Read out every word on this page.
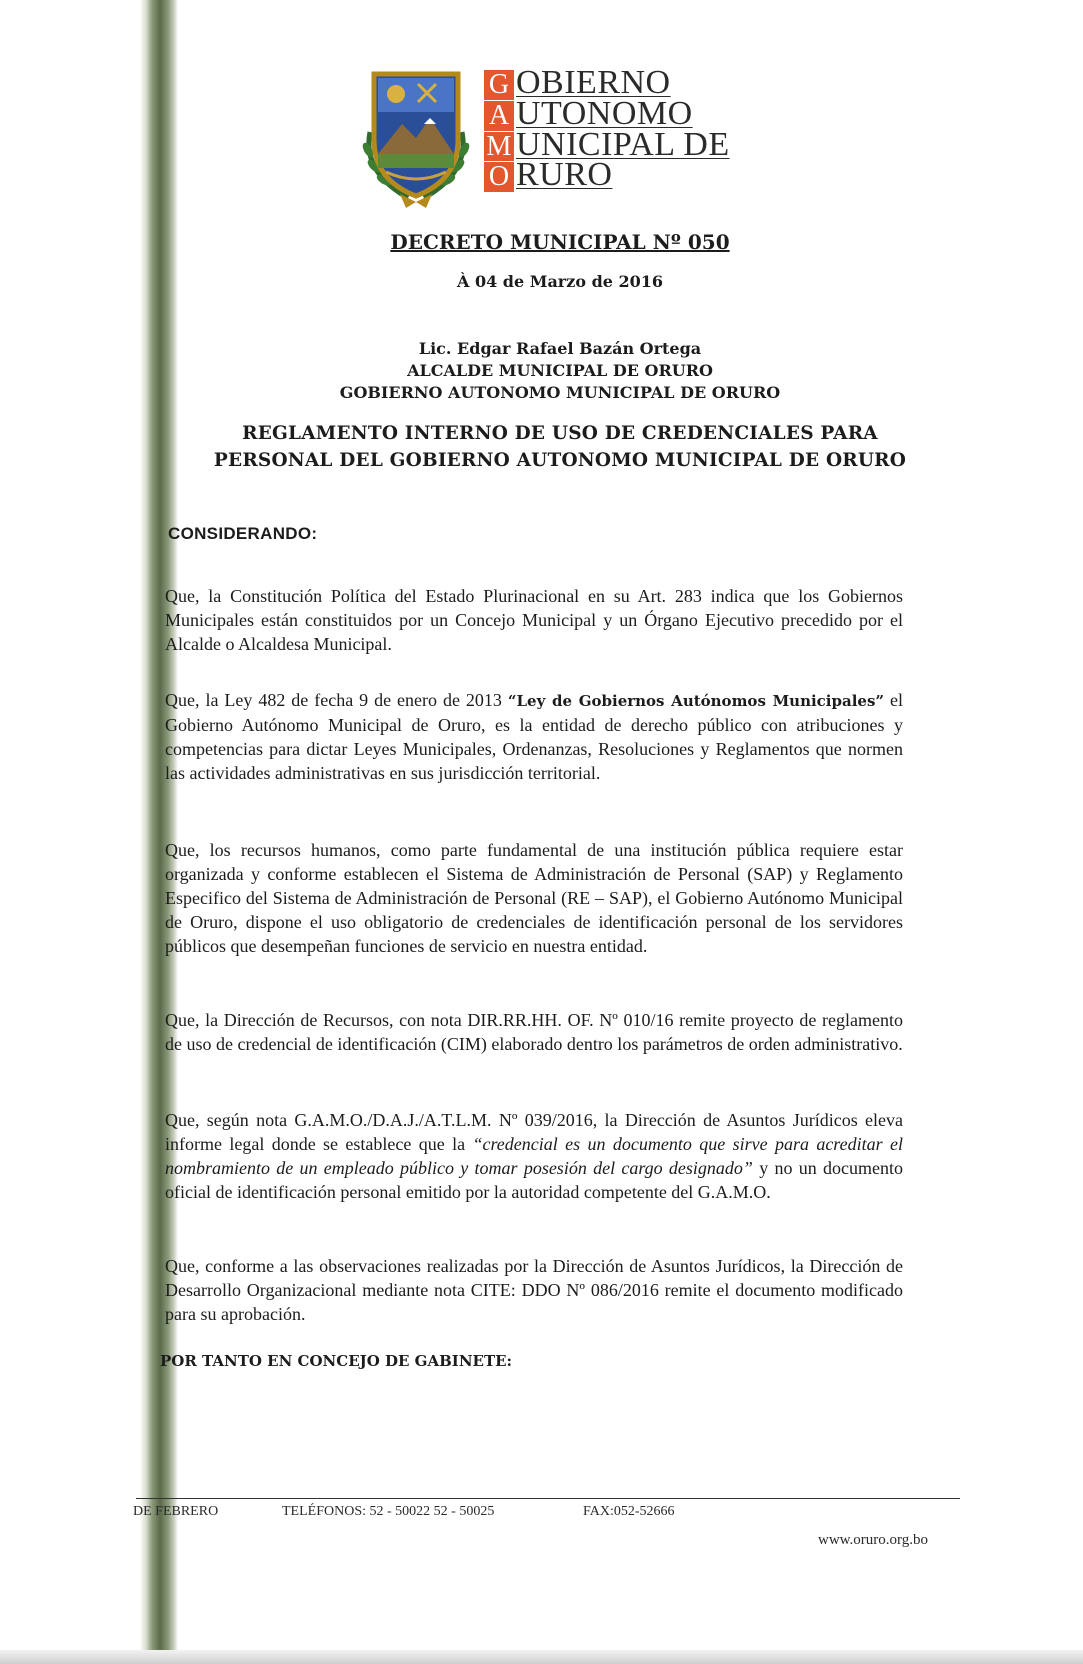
G
A
M
O
OBIERNO
UTONOMO
UNICIPAL DE
RURO
DECRETO MUNICIPAL Nº 050
À 04 de Marzo de 2016
Lic. Edgar Rafael Bazán Ortega
ALCALDE MUNICIPAL DE ORURO
GOBIERNO AUTONOMO MUNICIPAL DE ORURO
REGLAMENTO INTERNO DE USO DE CREDENCIALES PARA
PERSONAL DEL GOBIERNO AUTONOMO MUNICIPAL DE ORURO
CONSIDERANDO:
Que, la Constitución Política del Estado Plurinacional en su Art. 283 indica que los Gobiernos Municipales están constituidos por un Concejo Municipal y un Órgano Ejecutivo precedido por el Alcalde o Alcaldesa Municipal.
Que, la Ley 482 de fecha 9 de enero de 2013 “Ley de Gobiernos Autónomos Municipales” el Gobierno Autónomo Municipal de Oruro, es la entidad de derecho público con atribuciones y competencias para dictar Leyes Municipales, Ordenanzas, Resoluciones y Reglamentos que normen las actividades administrativas en sus jurisdicción territorial.
Que, los recursos humanos, como parte fundamental de una institución pública requiere estar organizada y conforme establecen el Sistema de Administración de Personal (SAP) y Reglamento Especifico del Sistema de Administración de Personal (RE – SAP), el Gobierno Autónomo Municipal de Oruro, dispone el uso obligatorio de credenciales de identificación personal de los servidores públicos que desempeñan funciones de servicio en nuestra entidad.
Que, la Dirección de Recursos, con nota DIR.RR.HH. OF. Nº 010/16 remite proyecto de reglamento de uso de credencial de identificación (CIM) elaborado dentro los parámetros de orden administrativo.
Que, según nota G.A.M.O./D.A.J./A.T.L.M. Nº 039/2016, la Dirección de Asuntos Jurídicos eleva informe legal donde se establece que la “credencial es un documento que sirve para acreditar el nombramiento de un empleado público y tomar posesión del cargo designado” y no un documento oficial de identificación personal emitido por la autoridad competente del G.A.M.O.
Que, conforme a las observaciones realizadas por la Dirección de Asuntos Jurídicos, la Dirección de Desarrollo Organizacional mediante nota CITE: DDO Nº 086/2016 remite el documento modificado para su aprobación.
POR TANTO EN CONCEJO DE GABINETE:
DE FEBRERO	TELÉFONOS: 52 - 50022 52 - 50025	FAX:052-52666
www.oruro.org.bo
